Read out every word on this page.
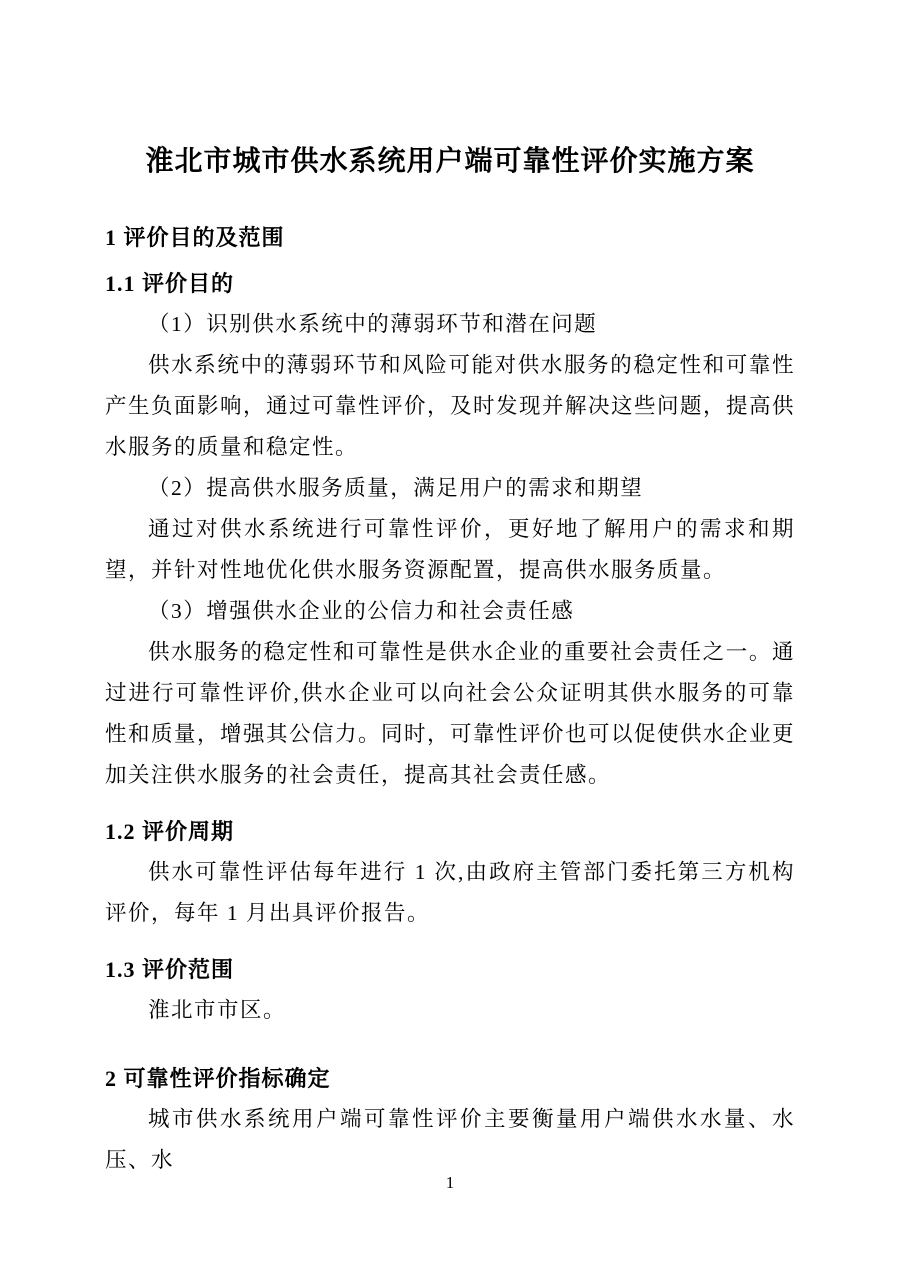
淮北市城市供水系统用户端可靠性评价实施方案
1 评价目的及范围
1.1 评价目的

（1）识别供水系统中的薄弱环节和潜在问题

供水系统中的薄弱环节和风险可能对供水服务的稳定性和可靠性产生负面影响，通过可靠性评价，及时发现并解决这些问题，提高供水服务的质量和稳定性。

（2）提高供水服务质量，满足用户的需求和期望

通过对供水系统进行可靠性评价，更好地了解用户的需求和期望，并针对性地优化供水服务资源配置，提高供水服务质量。

（3）增强供水企业的公信力和社会责任感

供水服务的稳定性和可靠性是供水企业的重要社会责任之一。通过进行可靠性评价,供水企业可以向社会公众证明其供水服务的可靠性和质量，增强其公信力。同时，可靠性评价也可以促使供水企业更加关注供水服务的社会责任，提高其社会责任感。

1.2 评价周期

供水可靠性评估每年进行 1 次,由政府主管部门委托第三方机构评价，每年 1 月出具评价报告。

1.3 评价范围

淮北市市区。

2 可靠性评价指标确定

城市供水系统用户端可靠性评价主要衡量用户端供水水量、水压、水

1
